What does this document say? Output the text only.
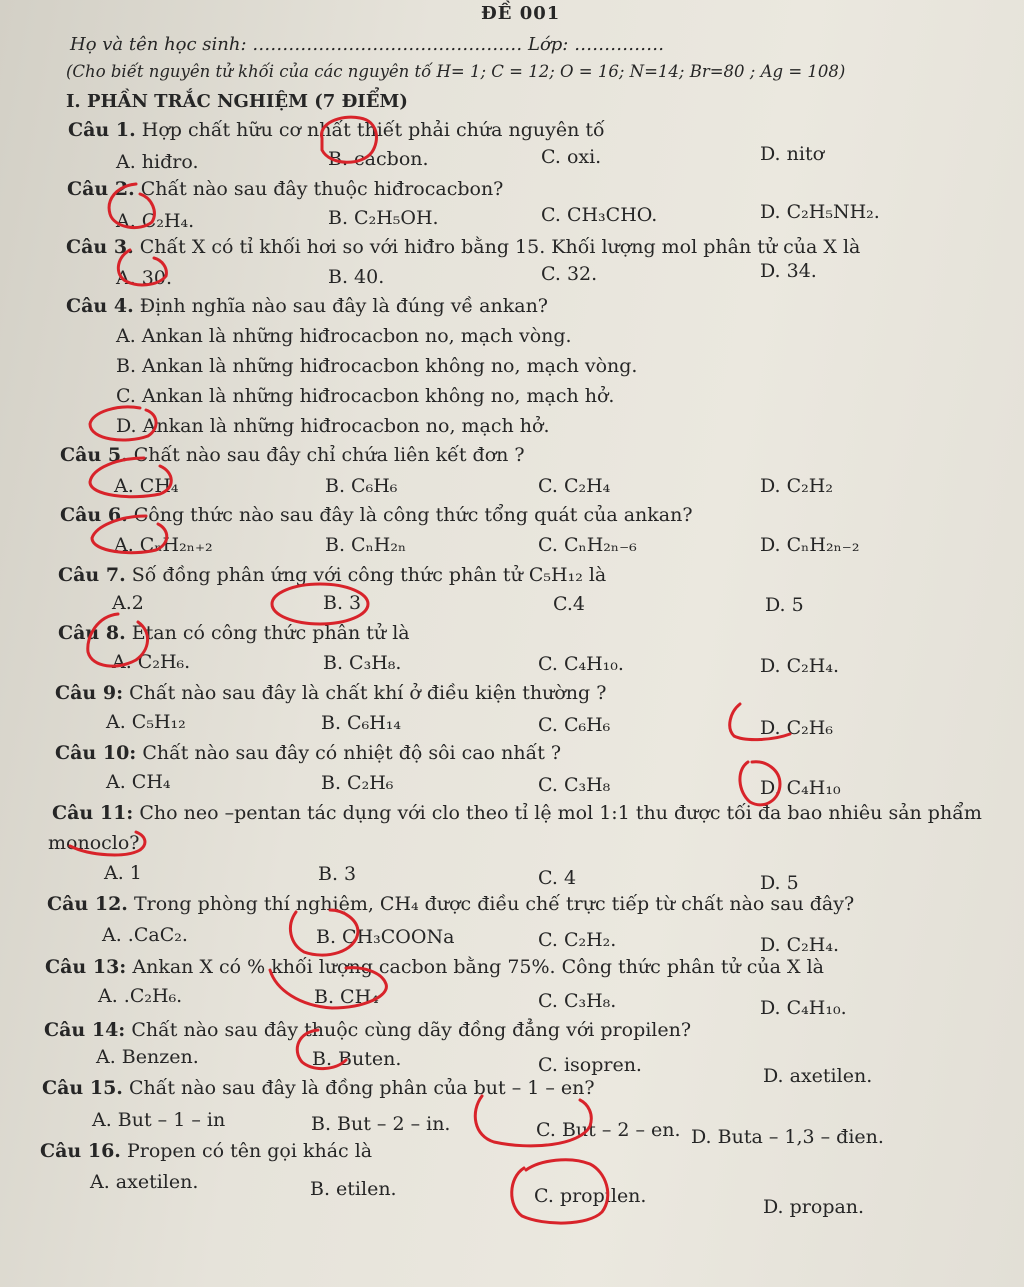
ĐỀ 001
Họ và tên học sinh: ……………………………………… Lớp: ……………
(Cho biết nguyên tử khối của các nguyên tố H= 1; C = 12; O = 16; N=14; Br=80 ; Ag = 108)
I. PHẦN TRẮC NGHIỆM (7 ĐIỂM)
Câu 1. Hợp chất hữu cơ nhất thiết phải chứa nguyên tố
A. hiđro.	B. cacbon.	C. oxi.	D. nitơ
Câu 2. Chất nào sau đây thuộc hiđrocacbon?
A. C₂H₄.	B. C₂H₅OH.	C. CH₃CHO.	D. C₂H₅NH₂.
Câu 3. Chất X có tỉ khối hơi so với hiđro bằng 15. Khối lượng mol phân tử của X là
A. 30.	B. 40.	C. 32.	D. 34.
Câu 4. Định nghĩa nào sau đây là đúng về ankan?
A. Ankan là những hiđrocacbon no, mạch vòng.
B. Ankan là những hiđrocacbon không no, mạch vòng.
C. Ankan là những hiđrocacbon không no, mạch hở.
D. Ankan là những hiđrocacbon no, mạch hở.
Câu 5. Chất nào sau đây chỉ chứa liên kết đơn ?
A. CH₄	B. C₆H₆	C. C₂H₄	D. C₂H₂
Câu 6. Công thức nào sau đây là công thức tổng quát của ankan?
A. CₙH₂ₙ₊₂	B. CₙH₂ₙ	C. CₙH₂ₙ₋₆	D. CₙH₂ₙ₋₂
Câu 7. Số đồng phân ứng với công thức phân tử C₅H₁₂ là
A.2	B. 3	C.4	D. 5
Câu 8. Etan có công thức phân tử là
A. C₂H₆.	B. C₃H₈.	C. C₄H₁₀.	D. C₂H₄.
Câu 9: Chất nào sau đây là chất khí ở điều kiện thường ?
A. C₅H₁₂	B. C₆H₁₄	C. C₆H₆	D. C₂H₆
Câu 10: Chất nào sau đây có nhiệt độ sôi cao nhất ?
A. CH₄	B. C₂H₆	C. C₃H₈	D. C₄H₁₀
Câu 11: Cho neo –pentan tác dụng với clo theo tỉ lệ mol 1:1 thu được tối đa bao nhiêu sản phẩm
monoclo?
A. 1	B. 3	C. 4	D. 5
Câu 12. Trong phòng thí nghiệm, CH₄ được điều chế trực tiếp từ chất nào sau đây?
A. .CaC₂.	B. CH₃COONa	C. C₂H₂.	D. C₂H₄.
Câu 13: Ankan X có % khối lượng cacbon bằng 75%. Công thức phân tử của X là
A. .C₂H₆.	B. CH₄	C. C₃H₈.	D. C₄H₁₀.
Câu 14: Chất nào sau đây thuộc cùng dãy đồng đẳng với propilen?
A. Benzen.	B. Buten.	C. isopren.	D. axetilen.
Câu 15. Chất nào sau đây là đồng phân của but – 1 – en?
A. But – 1 – in	B. But – 2 – in.	C. But – 2 – en. D. Buta – 1,3 – đien.
Câu 16. Propen có tên gọi khác là
A. axetilen.	B. etilen.	C. propilen.	D. propan.
